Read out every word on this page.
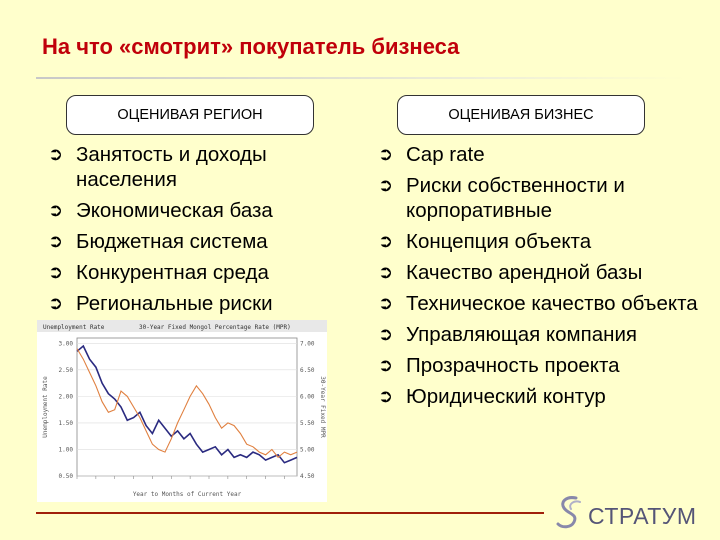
На что «смотрит» покупатель бизнеса
ОЦЕНИВАЯ РЕГИОН	ОЦЕНИВАЯ БИЗНЕС
➲ Занятость и доходы населения
➲ Экономическая база
➲ Бюджетная система
➲ Конкурентная среда
➲ Региональные риски
➲ Cap rate
➲ Риски собственности и корпоративные
➲ Концепция объекта
➲ Качество арендной базы
➲ Техническое качество объекта
➲ Управляющая компания
➲ Прозрачность проекта
➲ Юридический контур
Unemployment Rate	30-Year Fixed Mongol Percentage Rate (MPR)
3.00	7.00
2.50	6.50
2.00	6.00
1.50	5.50
1.00	5.00
0.50	4.50
Unemployment Rate	30-Year Fixed MPR
Year to Months of Current Year
СТРАТУМ
